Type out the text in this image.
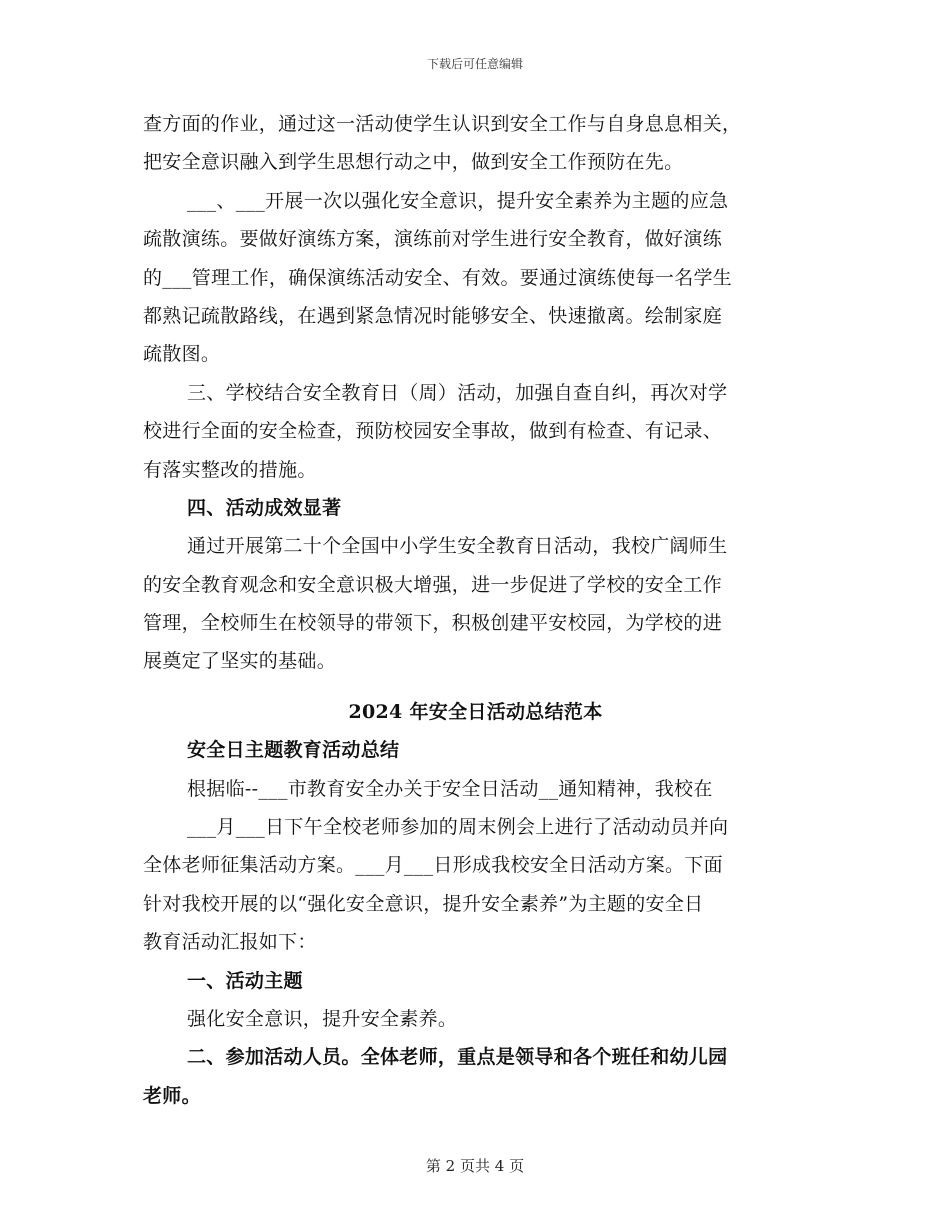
下载后可任意编辑
查方面的作业，通过这一活动使学生认识到安全工作与自身息息相关，
把安全意识融入到学生思想行动之中，做到安全工作预防在先。
___、___开展一次以强化安全意识，提升安全素养为主题的应急
疏散演练。要做好演练方案，演练前对学生进行安全教育，做好演练
的___管理工作，确保演练活动安全、有效。要通过演练使每一名学生
都熟记疏散路线，在遇到紧急情况时能够安全、快速撤离。绘制家庭
疏散图。
三、学校结合安全教育日（周）活动，加强自查自纠，再次对学
校进行全面的安全检查，预防校园安全事故，做到有检查、有记录、
有落实整改的措施。
四、活动成效显著
通过开展第二十个全国中小学生安全教育日活动，我校广阔师生
的安全教育观念和安全意识极大增强，进一步促进了学校的安全工作
管理，全校师生在校领导的带领下，积极创建平安校园，为学校的进
展奠定了坚实的基础。
2024 年安全日活动总结范本
安全日主题教育活动总结
根据临--___市教育安全办关于安全日活动__通知精神，我校在
___月___日下午全校老师参加的周末例会上进行了活动动员并向
全体老师征集活动方案。___月___日形成我校安全日活动方案。下面
针对我校开展的以“强化安全意识，提升安全素养”为主题的安全日
教育活动汇报如下：
一、活动主题
强化安全意识，提升安全素养。
二、参加活动人员。全体老师，重点是领导和各个班任和幼儿园
老师。
第 2 页共 4 页
